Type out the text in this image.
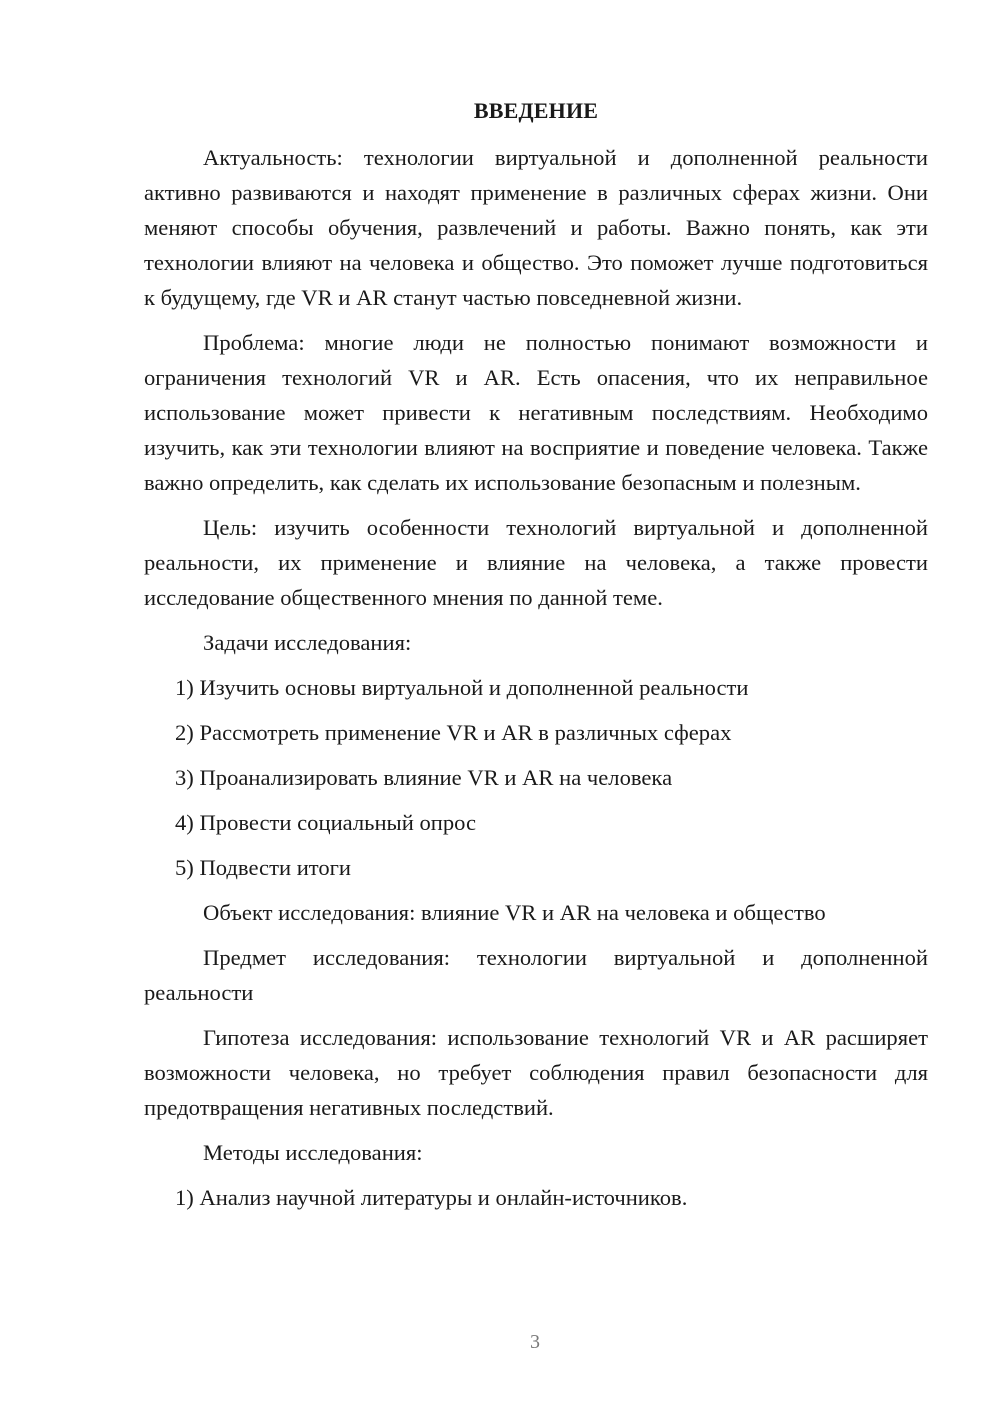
ВВЕДЕНИЕ

Актуальность: технологии виртуальной и дополненной реальности активно развиваются и находят применение в различных сферах жизни. Они меняют способы обучения, развлечений и работы. Важно понять, как эти технологии влияют на человека и общество. Это поможет лучше подготовиться к будущему, где VR и AR станут частью повседневной жизни.

Проблема: многие люди не полностью понимают возможности и ограничения технологий VR и AR. Есть опасения, что их неправильное использование может привести к негативным последствиям. Необходимо изучить, как эти технологии влияют на восприятие и поведение человека. Также важно определить, как сделать их использование безопасным и полезным.

Цель: изучить особенности технологий виртуальной и дополненной реальности, их применение и влияние на человека, а также провести исследование общественного мнения по данной теме.

Задачи исследования:

1) Изучить основы виртуальной и дополненной реальности
2) Рассмотреть применение VR и AR в различных сферах
3) Проанализировать влияние VR и AR на человека
4) Провести социальный опрос
5) Подвести итоги

Объект исследования: влияние VR и AR на человека и общество

Предмет исследования: технологии виртуальной и дополненной реальности

Гипотеза исследования: использование технологий VR и AR расширяет возможности человека, но требует соблюдения правил безопасности для предотвращения негативных последствий.

Методы исследования:

1) Анализ научной литературы и онлайн-источников.
3
